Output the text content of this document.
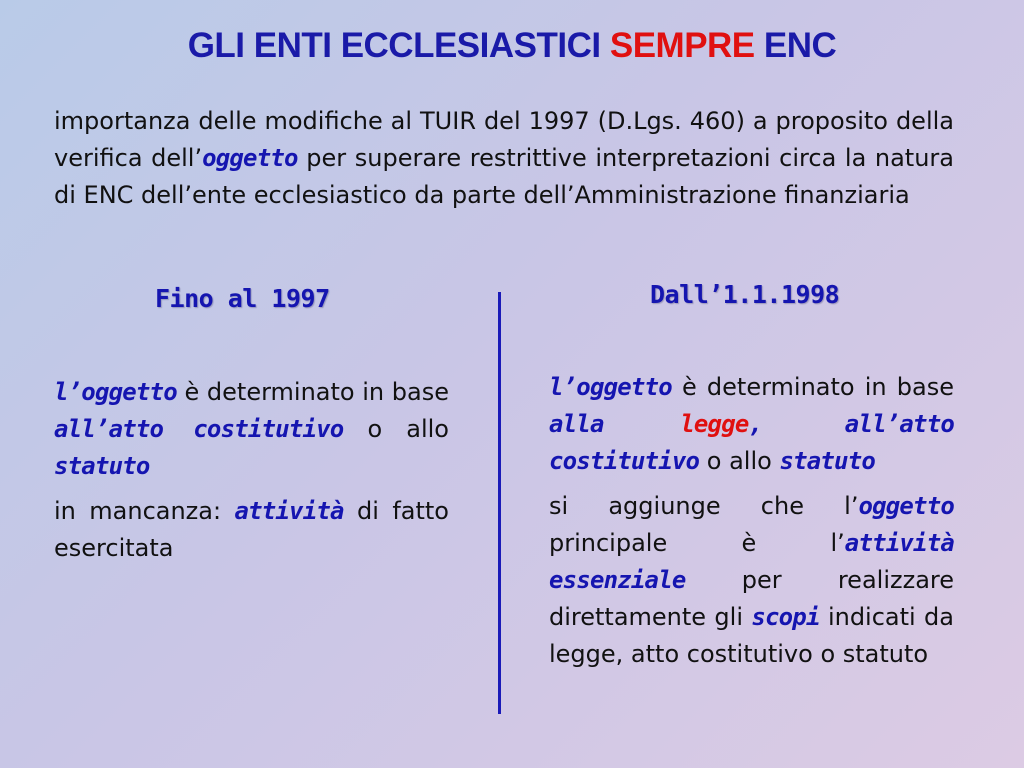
GLI ENTI ECCLESIASTICI SEMPRE ENC

importanza delle modifiche al TUIR del 1997 (D.Lgs. 460) a proposito della verifica dell’oggetto per superare restrittive interpretazioni circa la natura di ENC dell’ente ecclesiastico da parte dell’Amministrazione finanziaria

Fino al 1997	Dall’1.1.1998

l’oggetto è determinato in base all’atto costitutivo o allo statuto

in mancanza: attività di fatto esercitata

l’oggetto è determinato in base alla	legge, all’atto costitutivo o allo statuto

si aggiunge che l’oggetto principale è l’attività essenziale per realizzare direttamente gli scopi indicati da legge, atto costitutivo o statuto
